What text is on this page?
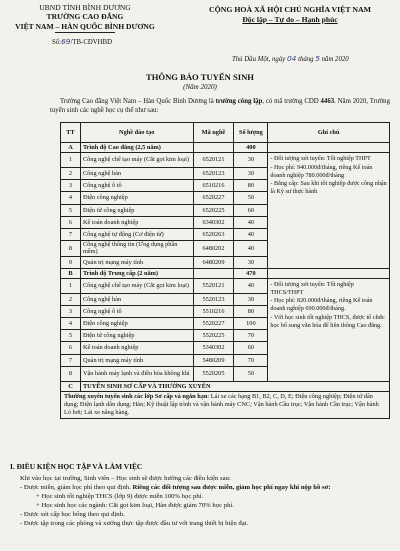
UBND TỈNH BÌNH DƯƠNG
TRƯỜNG CAO ĐẲNG
VIỆT NAM – HÀN QUỐC BÌNH DƯƠNG
Số:69/TB-CĐVHBD
CỘNG HOÀ XÃ HỘI CHỦ NGHĨA VIỆT NAM
Độc lập – Tự do – Hạnh phúc
Thủ Dầu Một, ngày 04 tháng 5 năm 2020
THÔNG BÁO TUYỂN SINH
(Năm 2020)
Trường Cao đẳng Việt Nam – Hàn Quốc Bình Dương là trường công lập, có mã trường CDD 4463. Năm 2020, Trường tuyển sinh các nghề học cụ thể như sau:
TT	Nghề đào tạo	Mã nghề	Số lượng	Ghi chú
A	Trình độ Cao đẳng (2,5 năm)		400	
1	Công nghệ chế tạo máy (Cắt gọt kim loại)	6520121	30	- Đối tượng xét tuyển: Tốt nghiệp THPT
- Học phí: 940.000đ/tháng, riêng Kế toán doanh nghiệp 780.000đ/tháng
- Bằng cấp: Sau khi tốt nghiệp được công nhận là Kỹ sư thực hành

2	Công nghệ hàn	6520123	30	
3	Công nghệ ô tô	6510216	80	
4	Điện công nghiệp	6520227	50	
5	Điện tử công nghiệp	6520225	60	
6	Kế toán doanh nghiệp	6340302	40	
7	Công nghệ tự động (Cơ điện tử)	6520263	40	
8	Công nghệ thông tin (Ứng dụng phần mềm)	6480202	40	
9	Quản trị mạng máy tính	6480209	30	
B	Trình độ Trung cấp (2 năm)		470	
1	Công nghệ chế tạo máy (Cắt gọt kim loại)	5520121	40	- Đối tượng xét tuyển: Tốt nghiệp THCS/THPT
- Học phí: 820.000đ/tháng, riêng Kế toán doanh nghiệp 690.000đ/tháng.
- Với học sinh tốt nghiệp THCS, được tổ chức học bổ sung văn hóa để liên thông Cao đẳng.

2	Công nghệ hàn	5520123	30	
3	Công nghệ ô tô	5510216	80	
4	Điện công nghiệp	5520227	100	
5	Điện tử công nghiệp	5520225	70	
6	Kế toán doanh nghiệp	5340302	60	
7	Quản trị mạng máy tính	5480209	70	
8	Vận hành máy lạnh và điều hòa không khí	5520205	50	
C	TUYỂN SINH SƠ CẤP VÀ THƯỜNG XUYÊN			
Thường xuyên tuyển sinh các lớp Sơ cấp và ngắn hạn: Lái xe các hạng B1, B2, C, D, E; Điện công nghiệp; Điện tử dân dụng; Điện lạnh dân dụng; Hàn; Kỹ thuật lập trình và vận hành máy CNC; Vận hành Cầu trục; Vận hành Cần trục; Vận hành Lò hơi; Lái xe nâng hàng.				
I. ĐIỀU KIỆN HỌC TẬP VÀ LÀM VIỆC

Khi vào học tại trường, Sinh viên – Học sinh sẽ được hưởng các điều kiện sau:

- Được miễn, giảm học phí theo qui định. Riêng các đối tượng sau được miễn, giảm học phí ngay khi nộp hồ sơ:

+ Học sinh tốt nghiệp THCS (lớp 9) được miễn 100% học phí.

+ Học sinh học các ngành: Cắt gọt kim loại, Hàn được giảm 70% học phí.

- Được xét cấp học bổng theo qui định.

- Được tập trong các phòng và xưởng thực tập được đầu tư với trang thiết bị hiện đại.
